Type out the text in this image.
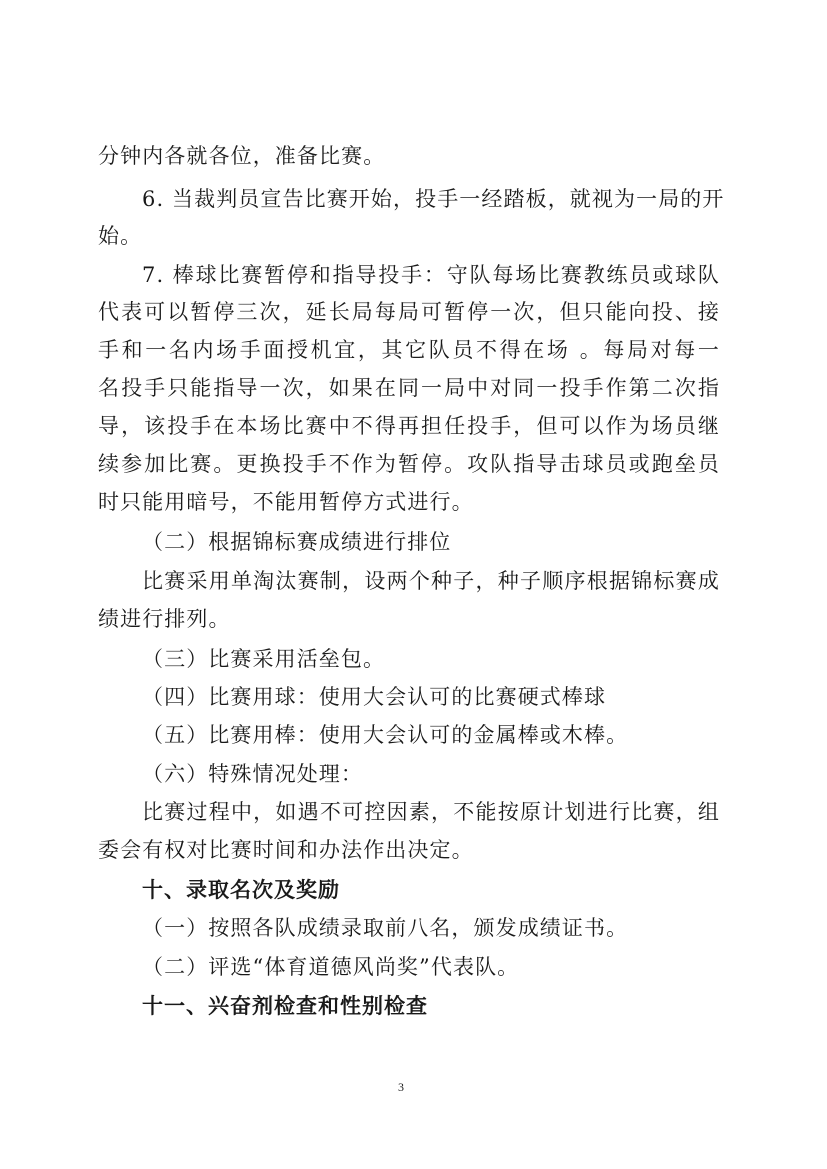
分钟内各就各位，准备比赛。
6. 当裁判员宣告比赛开始，投手一经踏板，就视为一局的开
始。
7. 棒球比赛暂停和指导投手：守队每场比赛教练员或球队
代表可以暂停三次，延长局每局可暂停一次，但只能向投、接
手和一名内场手面授机宜，其它队员不得在场 。每局对每一
名投手只能指导一次，如果在同一局中对同一投手作第二次指
导，该投手在本场比赛中不得再担任投手，但可以作为场员继
续参加比赛。更换投手不作为暂停。攻队指导击球员或跑垒员
时只能用暗号，不能用暂停方式进行。
（二）根据锦标赛成绩进行排位
比赛采用单淘汰赛制，设两个种子，种子顺序根据锦标赛成
绩进行排列。
（三）比赛采用活垒包。
（四）比赛用球：使用大会认可的比赛硬式棒球
（五）比赛用棒：使用大会认可的金属棒或木棒。
（六）特殊情况处理：
比赛过程中，如遇不可控因素，不能按原计划进行比赛，组
委会有权对比赛时间和办法作出决定。
十、录取名次及奖励
（一）按照各队成绩录取前八名，颁发成绩证书。
（二）评选“体育道德风尚奖”代表队。
十一、兴奋剂检查和性别检查
3
